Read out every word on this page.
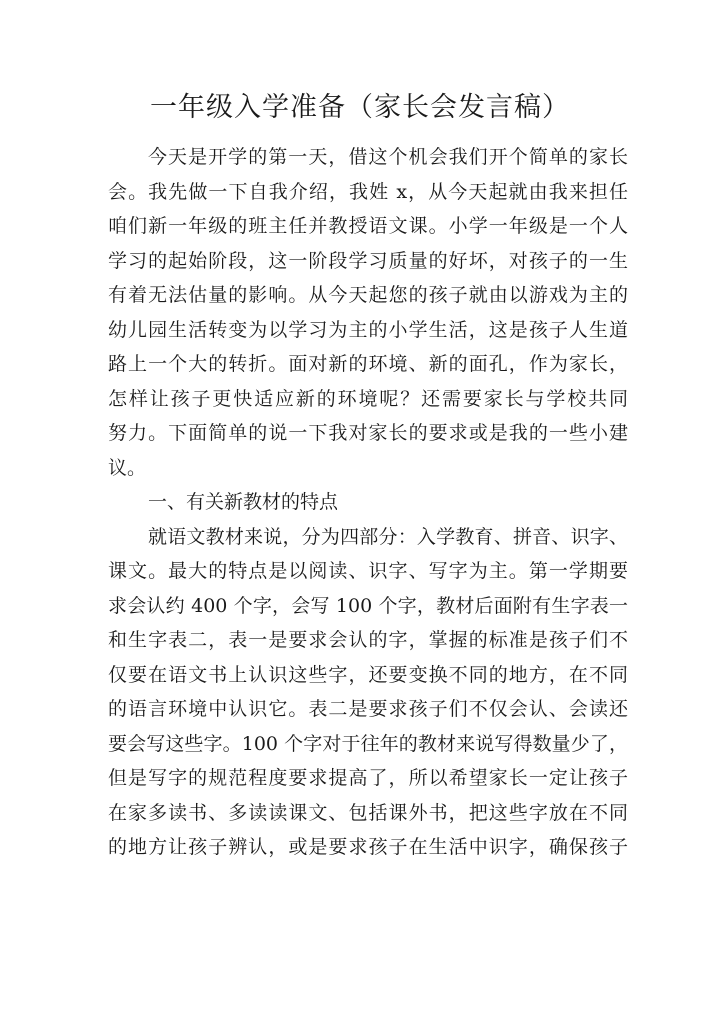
一年级入学准备（家长会发言稿）
今天是开学的第一天，借这个机会我们开个简单的家长
会。我先做一下自我介绍，我姓 x，从今天起就由我来担任
咱们新一年级的班主任并教授语文课。小学一年级是一个人
学习的起始阶段，这一阶段学习质量的好坏，对孩子的一生
有着无法估量的影响。从今天起您的孩子就由以游戏为主的
幼儿园生活转变为以学习为主的小学生活，这是孩子人生道
路上一个大的转折。面对新的环境、新的面孔，作为家长，
怎样让孩子更快适应新的环境呢？还需要家长与学校共同
努力。下面简单的说一下我对家长的要求或是我的一些小建
议。
一、有关新教材的特点
就语文教材来说，分为四部分：入学教育、拼音、识字、
课文。最大的特点是以阅读、识字、写字为主。第一学期要
求会认约 400 个字，会写 100 个字，教材后面附有生字表一
和生字表二，表一是要求会认的字，掌握的标准是孩子们不
仅要在语文书上认识这些字，还要变换不同的地方，在不同
的语言环境中认识它。表二是要求孩子们不仅会认、会读还
要会写这些字。100 个字对于往年的教材来说写得数量少了，
但是写字的规范程度要求提高了，所以希望家长一定让孩子
在家多读书、多读读课文、包括课外书，把这些字放在不同
的地方让孩子辨认，或是要求孩子在生活中识字，确保孩子
